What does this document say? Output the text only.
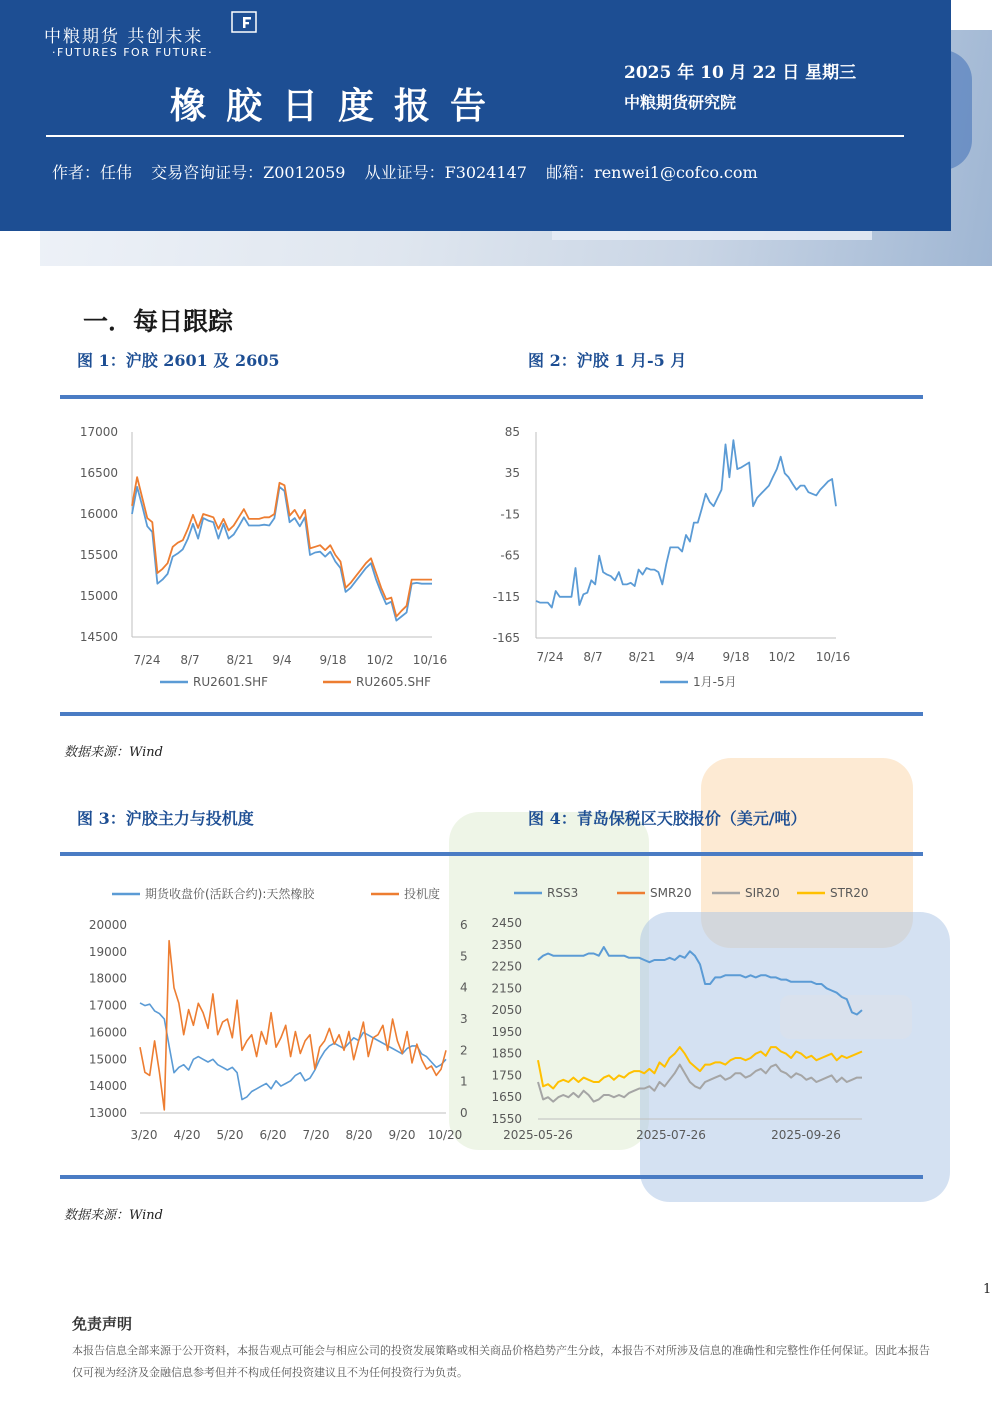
中粮期货 共创未来
·FUTURES FOR FUTURE·
橡胶日度报告
2025 年 10 月 22 日 星期三
中粮期货研究院
作者：任伟 交易咨询证号：Z0012059 从业证号：F3024147 邮箱：renwei1@cofco.com
一．每日跟踪
图 1：沪胶 2601 及 2605	图 2：沪胶 1 月-5 月
17000
16500
16000
15500
15000
14500
7/24 8/7 8/21 9/4 9/18 10/2 10/16
RU2601.SHF	RU2605.SHF
85
35
-15
-65
-115
-165
7/24 8/7 8/21 9/4 9/18 10/2 10/16
1月-5月
数据来源：Wind
图 3：沪胶主力与投机度	图 4：青岛保税区天胶报价（美元/吨）
20000
19000
18000
17000
16000
15000
14000
13000
6
5
4
3
2
1
0
3/20 4/20 5/20 6/20 7/20 8/20 9/20 10/20
期货收盘价(活跃合约):天然橡胶	投机度
2450
2350
2250
2150
2050
1950
1850
1750
1650
1550
2025-05-26	2025-07-26	2025-09-26
RSS3	SMR20	SIR20	STR20
数据来源：Wind
1
免责声明
本报告信息全部来源于公开资料，本报告观点可能会与相应公司的投资发展策略或相关商品价格趋势产生分歧，本报告不对所涉及信息的准确性和完整性作任何保证。因此本报告仅可视为经济及金融信息参考但并不构成任何投资建议且不为任何投资行为负责。
